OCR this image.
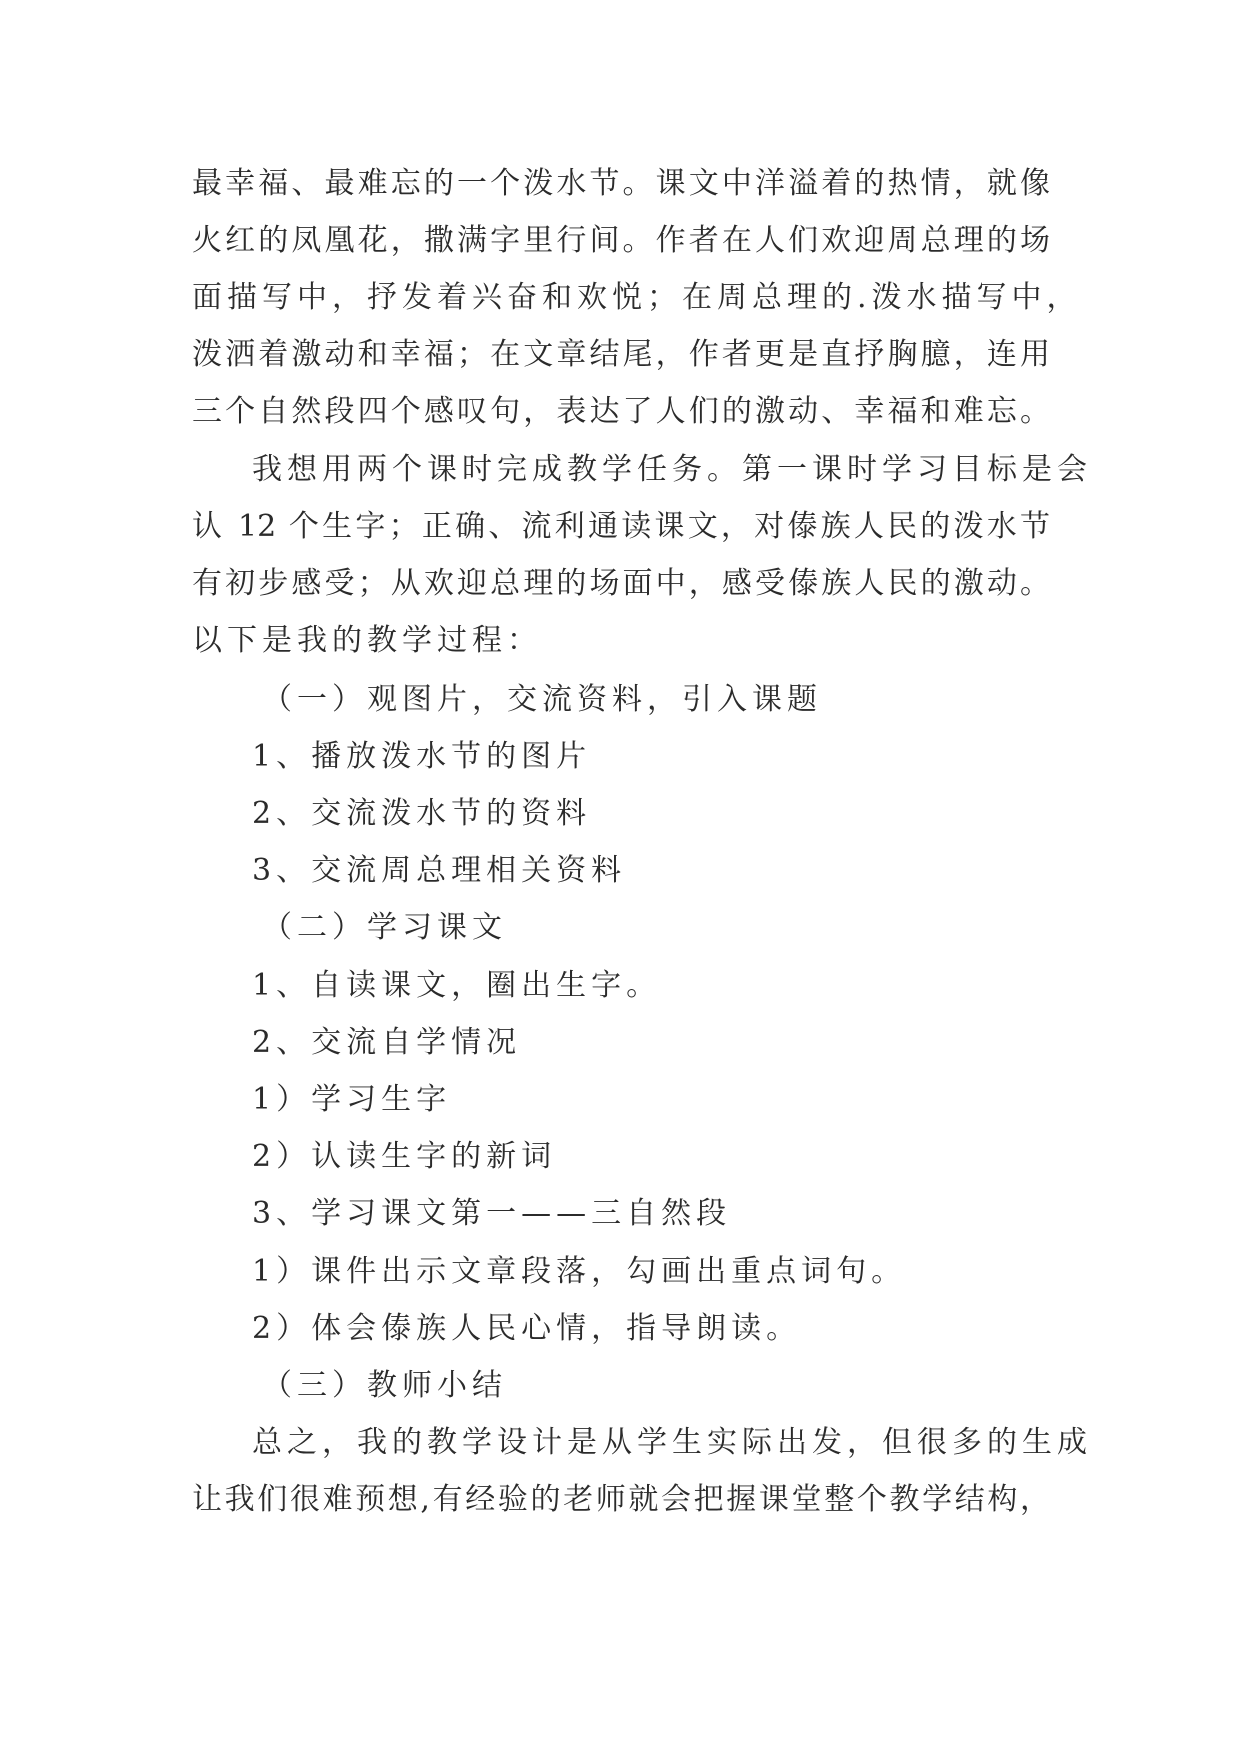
最幸福、最难忘的一个泼水节。课文中洋溢着的热情，就像
火红的凤凰花，撒满字里行间。作者在人们欢迎周总理的场
面描写中，抒发着兴奋和欢悦；在周总理的.泼水描写中，
泼洒着激动和幸福；在文章结尾，作者更是直抒胸臆，连用
三个自然段四个感叹句，表达了人们的激动、幸福和难忘。
我想用两个课时完成教学任务。第一课时学习目标是会
认 12 个生字；正确、流利通读课文，对傣族人民的泼水节
有初步感受；从欢迎总理的场面中，感受傣族人民的激动。
以下是我的教学过程：
（一）观图片，交流资料，引入课题
1、播放泼水节的图片
2、交流泼水节的资料
3、交流周总理相关资料
（二）学习课文
1、自读课文，圈出生字。
2、交流自学情况
1）学习生字
2）认读生字的新词
3、学习课文第一——三自然段
1）课件出示文章段落，勾画出重点词句。
2）体会傣族人民心情，指导朗读。
（三）教师小结
总之，我的教学设计是从学生实际出发，但很多的生成
让我们很难预想,有经验的老师就会把握课堂整个教学结构，
